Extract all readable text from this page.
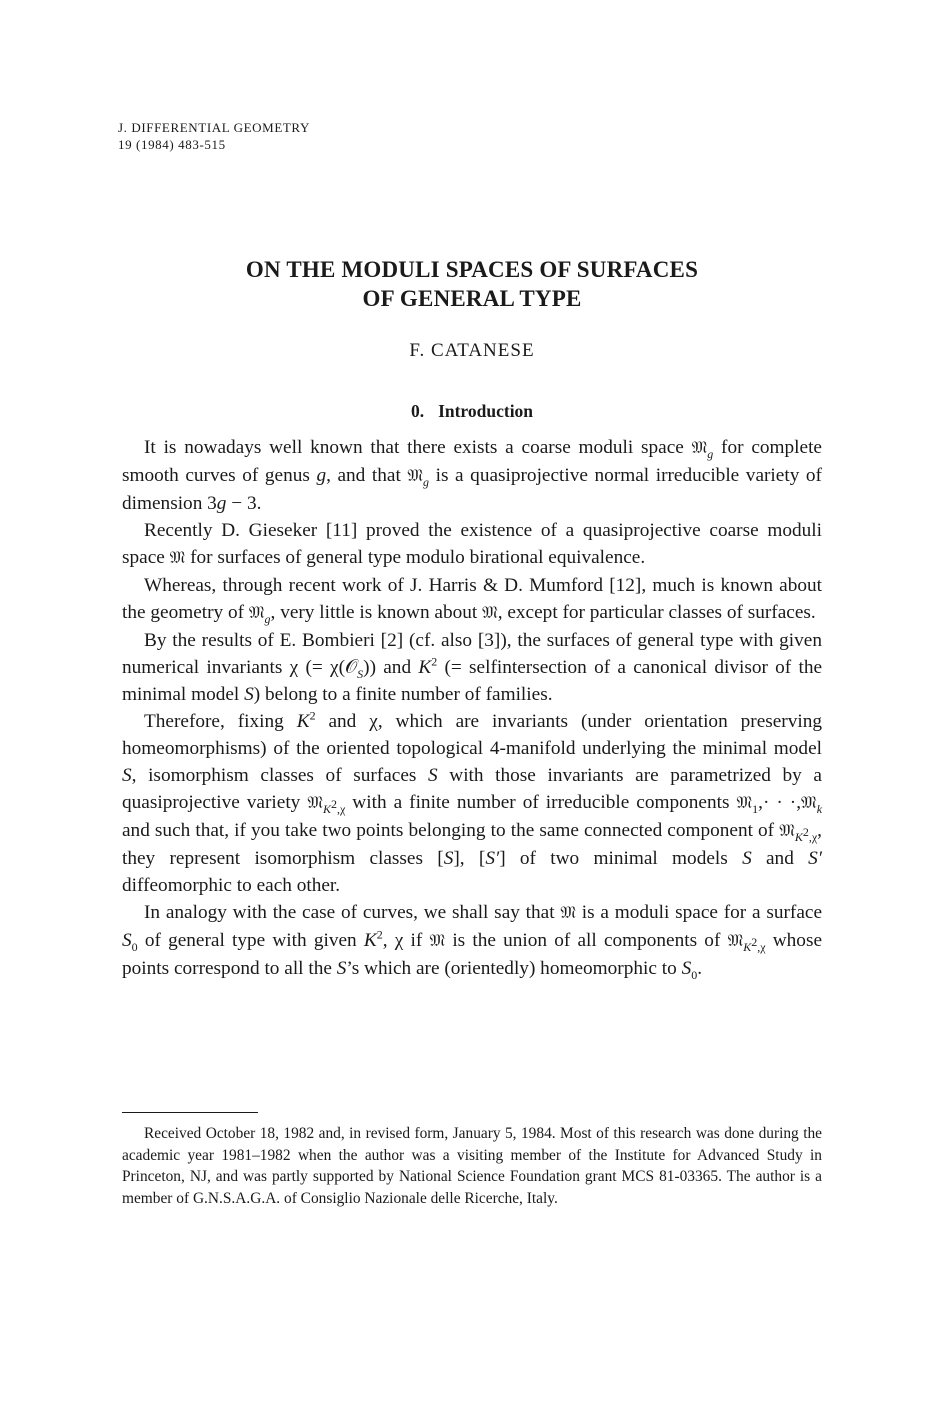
J. DIFFERENTIAL GEOMETRY
19 (1984) 483-515
ON THE MODULI SPACES OF SURFACES
OF GENERAL TYPE
F. CATANESE
0. Introduction

It is nowadays well known that there exists a coarse moduli space 𝔐$_g$ for complete smooth curves of genus g, and that 𝔐$_g$ is a quasiprojective normal irreducible variety of dimension 3g − 3.

Recently D. Gieseker [11] proved the existence of a quasiprojective coarse moduli space 𝔐 for surfaces of general type modulo birational equivalence.

Whereas, through recent work of J. Harris & D. Mumford [12], much is known about the geometry of 𝔐$_g$, very little is known about 𝔐, except for particular classes of surfaces.

By the results of E. Bombieri [2] (cf. also [3]), the surfaces of general type with given numerical invariants χ (= χ(𝒪$_S$)) and $K^2$ (= selfintersection of a canonical divisor of the minimal model S) belong to a finite number of families.

Therefore, fixing $K^2$ and χ, which are invariants (under orientation preserving homeomorphisms) of the oriented topological 4-manifold underlying the minimal model S, isomorphism classes of surfaces S with those invariants are parametrized by a quasiprojective variety 𝔐$_{K^2,\chi}$ with a finite number of irreducible components 𝔐$_1$,· · ·,𝔐$_k$ and such that, if you take two points belonging to the same connected component of 𝔐$_{K^2,\chi}$, they represent isomorphism classes [S], [S′] of two minimal models S and S′ diffeomorphic to each other.

In analogy with the case of curves, we shall say that 𝔐 is a moduli space for a surface $S_0$ of general type with given $K^2$, χ if 𝔐 is the union of all components of 𝔐$_{K^2,\chi}$ whose points correspond to all the S’s which are (orientedly) homeomorphic to $S_0$.

Received October 18, 1982 and, in revised form, January 5, 1984. Most of this research was done during the academic year 1981–1982 when the author was a visiting member of the Institute for Advanced Study in Princeton, NJ, and was partly supported by National Science Foundation grant MCS 81-03365. The author is a member of G.N.S.A.G.A. of Consiglio Nazionale delle Ricerche, Italy.
